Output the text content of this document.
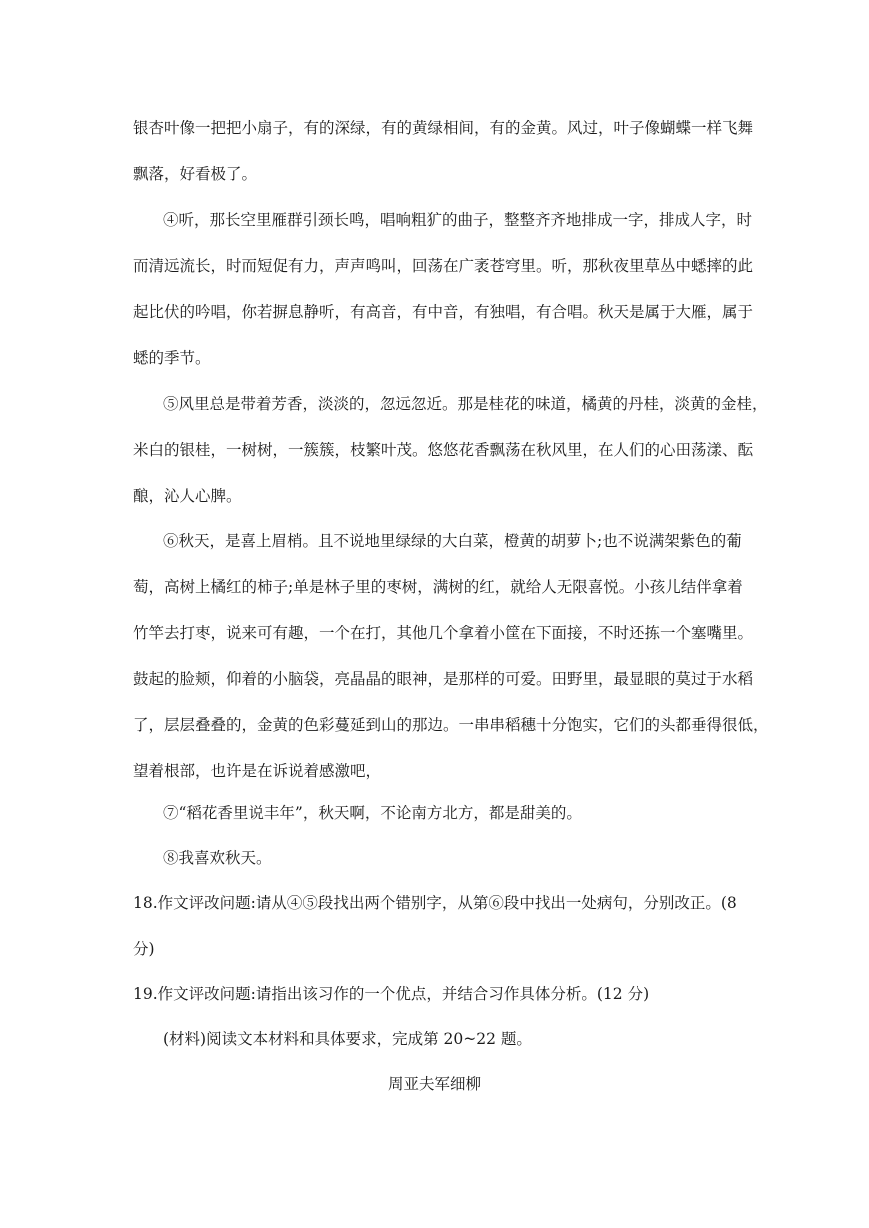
银杏叶像一把把小扇子，有的深绿，有的黄绿相间，有的金黄。风过，叶子像蝴蝶一样飞舞
飘落，好看极了。
④听，那长空里雁群引颈长鸣，唱响粗犷的曲子，整整齐齐地排成一字，排成人字，时
而清远流长，时而短促有力，声声鸣叫，回荡在广袤苍穹里。听，那秋夜里草丛中蟋摔的此
起比伏的吟唱，你若摒息静听，有高音，有中音，有独唱，有合唱。秋天是属于大雁，属于
蟋的季节。
⑤风里总是带着芳香，淡淡的，忽远忽近。那是桂花的味道，橘黄的丹桂，淡黄的金桂，
米白的银桂，一树树，一簇簇，枝繁叶茂。悠悠花香飘荡在秋风里，在人们的心田荡漾、酝
酿，沁人心脾。
⑥秋天，是喜上眉梢。且不说地里绿绿的大白菜，橙黄的胡萝卜;也不说满架紫色的葡
萄，高树上橘红的柿子;单是林子里的枣树，满树的红，就给人无限喜悦。小孩儿结伴拿着
竹竿去打枣，说来可有趣，一个在打，其他几个拿着小筐在下面接，不时还拣一个塞嘴里。
鼓起的脸颊，仰着的小脑袋，亮晶晶的眼神，是那样的可爱。田野里，最显眼的莫过于水稻
了，层层叠叠的，金黄的色彩蔓延到山的那边。一串串稻穗十分饱实，它们的头都垂得很低，
望着根部，也许是在诉说着感激吧，
⑦“稻花香里说丰年”，秋天啊，不论南方北方，都是甜美的。
⑧我喜欢秋天。
18.作文评改问题:请从④⑤段找出两个错别字，从第⑥段中找出一处病句，分别改正。(8
分)
19.作文评改问题:请指出该习作的一个优点，并结合习作具体分析。(12 分)
(材料)阅读文本材料和具体要求，完成第 20~22 题。
周亚夫军细柳
